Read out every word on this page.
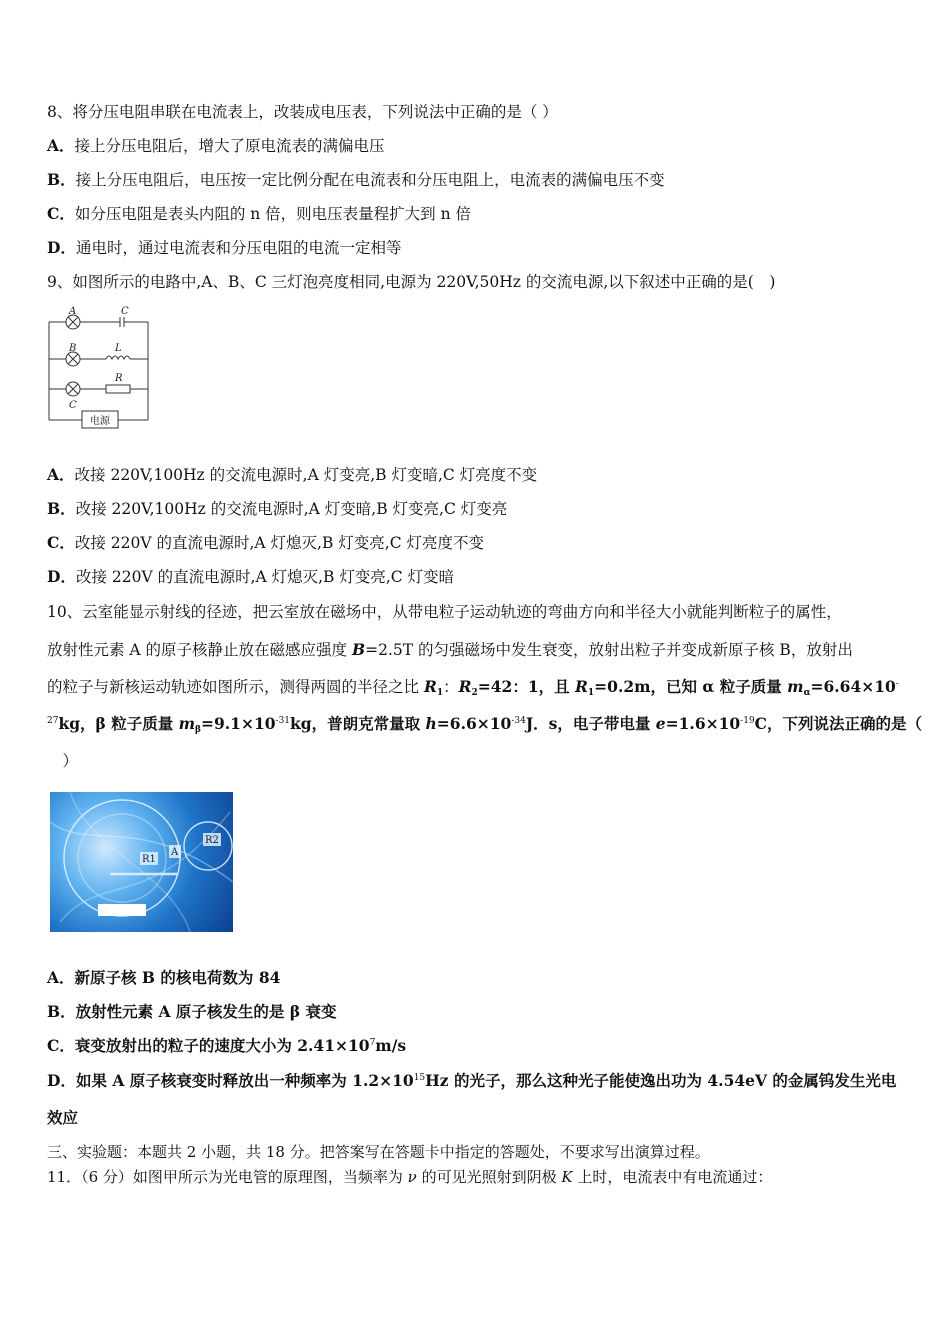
8、将分压电阻串联在电流表上，改装成电压表，下列说法中正确的是（ ）
A．接上分压电阻后，增大了原电流表的满偏电压
B．接上分压电阻后，电压按一定比例分配在电流表和分压电阻上，电流表的满偏电压不变
C．如分压电阻是表头内阻的 n 倍，则电压表量程扩大到 n 倍
D．通电时，通过电流表和分压电阻的电流一定相等
9、如图所示的电路中,A、B、C 三灯泡亮度相同,电源为 220V,50Hz 的交流电源,以下叙述中正确的是(　)
A
B
C
C
L
R
电源
A．改接 220V,100Hz 的交流电源时,A 灯变亮,B 灯变暗,C 灯亮度不变
B．改接 220V,100Hz 的交流电源时,A 灯变暗,B 灯变亮,C 灯变亮
C．改接 220V 的直流电源时,A 灯熄灭,B 灯变亮,C 灯亮度不变
D．改接 220V 的直流电源时,A 灯熄灭,B 灯变亮,C 灯变暗
10、云室能显示射线的径迹，把云室放在磁场中，从带电粒子运动轨迹的弯曲方向和半径大小就能判断粒子的属性，
放射性元素 A 的原子核静止放在磁感应强度 B=2.5T 的匀强磁场中发生衰变，放射出粒子并变成新原子核 B，放射出
的粒子与新核运动轨迹如图所示，测得两圆的半径之比 $R_1$：$R_2=42$：1，且 $R_1=0.2m$，已知 α 粒子质量 $m_\alpha=6.64\times 10^-$
$^{27}$kg，β 粒子质量 $m_\beta=9.1\times 10^{-31}kg$，普朗克常量取 $h=6.6\times 10^{-34}J$．s，电子带电量 $e=1.6\times 10^{-19}C$，下列说法正确的是（
　）
R1
A
R2
A．新原子核 B 的核电荷数为 84
B．放射性元素 A 原子核发生的是 β 衰变
C．衰变放射出的粒子的速度大小为 $2.41\times 10^7m/s$
D．如果 A 原子核衰变时释放出一种频率为 $1.2\times 10^{15}Hz$ 的光子，那么这种光子能使逸出功为 4.54eV 的金属钨发生光电
效应
三、实验题：本题共 2 小题，共 18 分。把答案写在答题卡中指定的答题处，不要求写出演算过程。
11．（6 分）如图甲所示为光电管的原理图，当频率为 ν 的可见光照射到阴极 K 上时，电流表中有电流通过：
